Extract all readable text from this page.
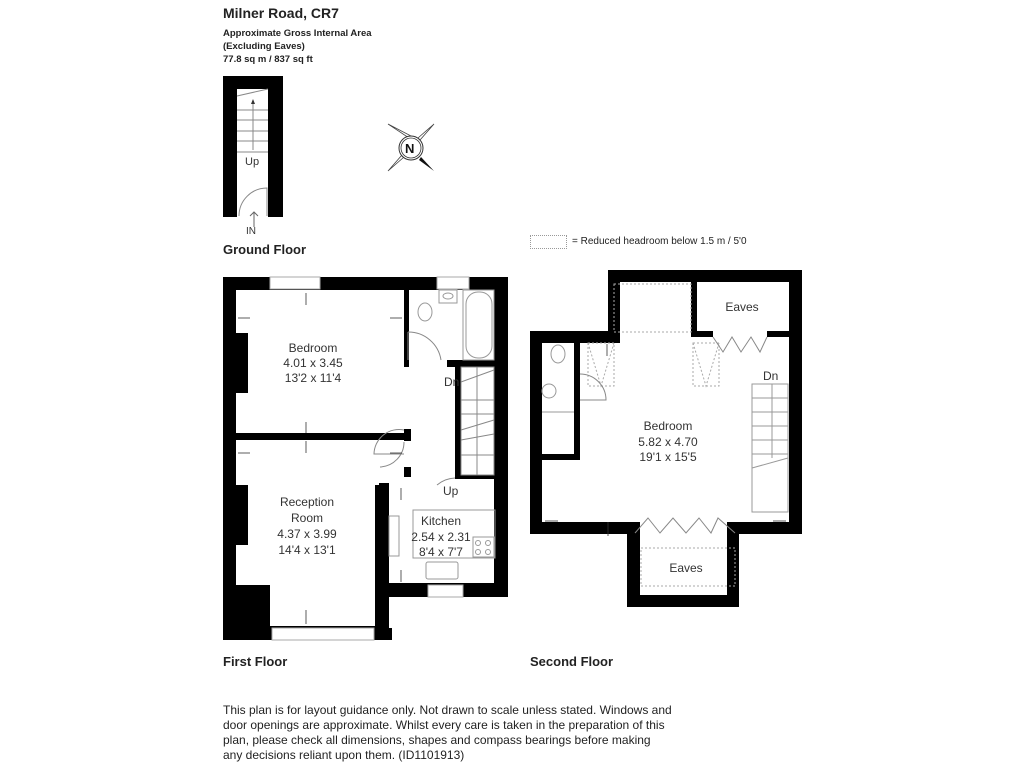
Milner Road, CR7
Approximate Gross Internal Area
(Excluding Eaves)
77.8 sq m / 837 sq ft
= Reduced headroom below 1.5 m / 5'0
Ground Floor
First Floor	Second Floor
Up
IN
N
Bedroom
4.01 x 3.45
13'2 x 11'4
Reception
Room
4.37 x 3.99
14'4 x 13'1
Kitchen
2.54 x 2.31
8'4 x 7'7
Dn
Up
Bedroom
5.82 x 4.70
19'1 x 15'5
Eaves
Eaves
Dn
This plan is for layout guidance only. Not drawn to scale unless stated. Windows and door openings are approximate. Whilst every care is taken in the preparation of this plan, please check all dimensions, shapes and compass bearings before making any decisions reliant upon them. (ID1101913)
